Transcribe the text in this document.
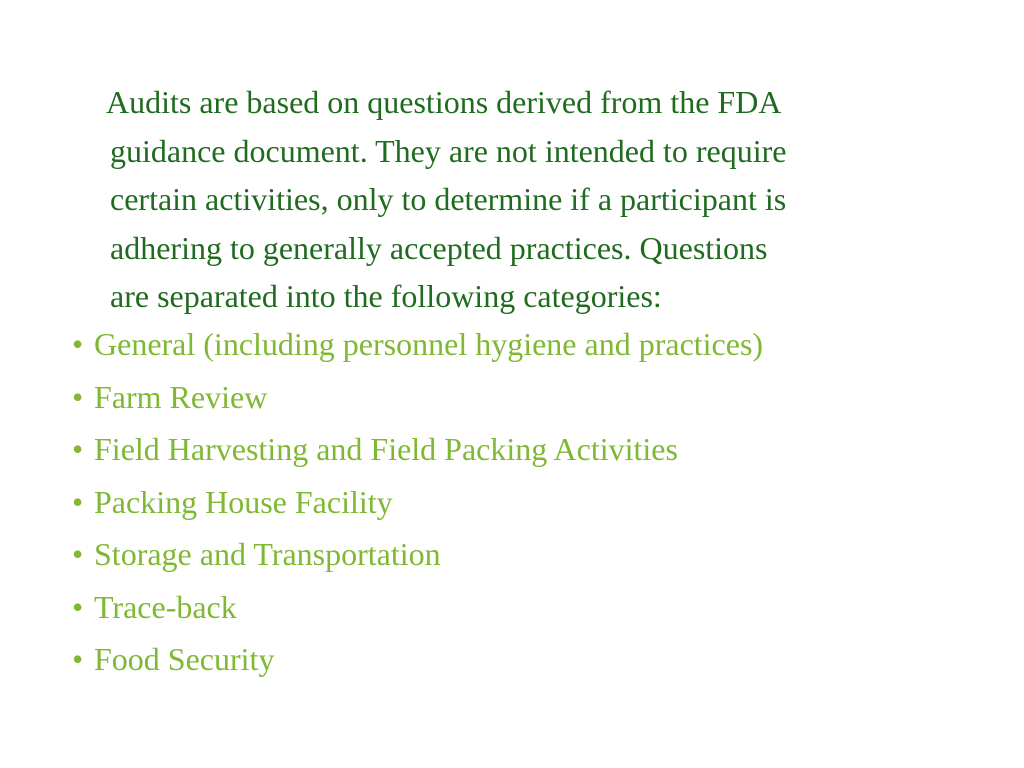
Audits are based on questions derived from the FDA
guidance document. They are not intended to require
certain activities, only to determine if a participant is
adhering to generally accepted practices. Questions
are separated into the following categories:

• General (including personnel hygiene and practices)
• Farm Review
• Field Harvesting and Field Packing Activities
• Packing House Facility
• Storage and Transportation
• Trace-back
• Food Security
